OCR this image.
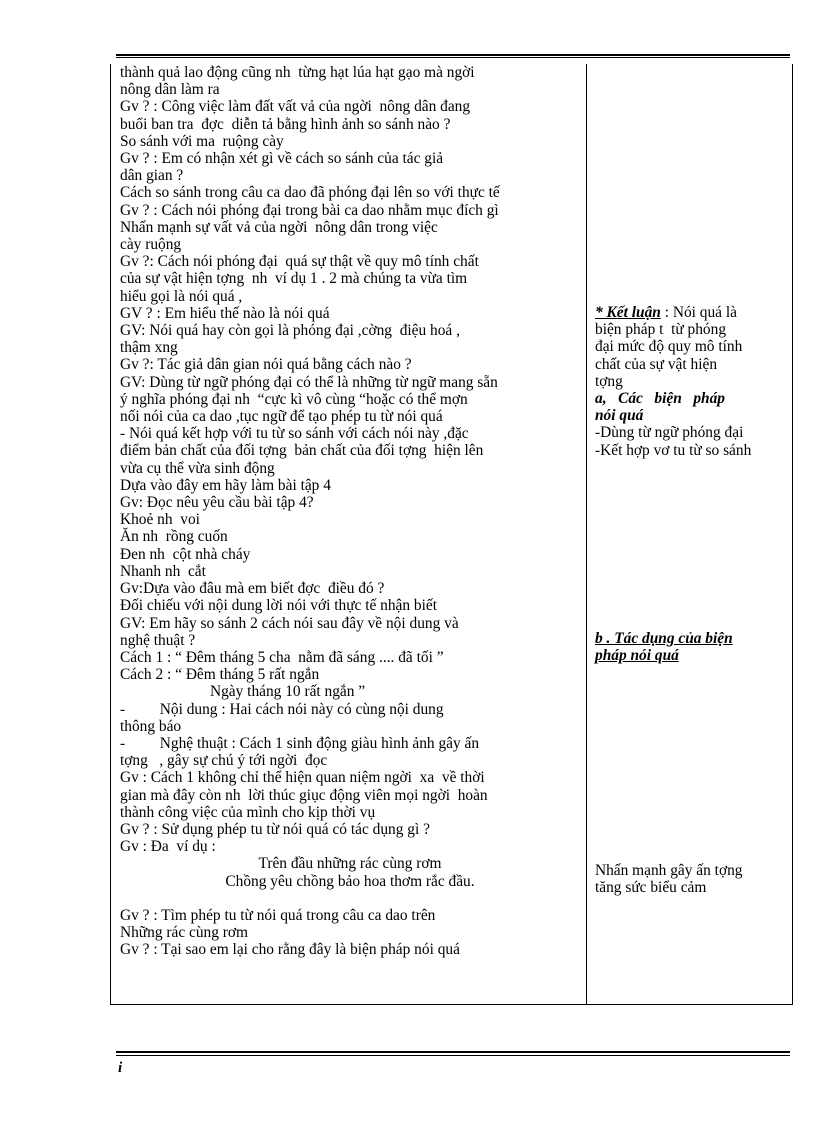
thành quả lao động cũng nh  từng hạt lúa hạt gạo mà ngời
nông dân làm ra
Gv ? : Công việc làm đất vất vả của ngời  nông dân đang
buổi ban tra  đợc  diễn tả bằng hình ảnh so sánh nào ?
So sánh với ma  ruộng cày
Gv ? : Em có nhận xét gì về cách so sánh của tác giả
dân gian ?
Cách so sánh trong câu ca dao đã phóng đại lên so với thực tế
Gv ? : Cách nói phóng đại trong bài ca dao nhằm mục đích gì
Nhấn mạnh sự vất vả của ngời  nông dân trong việc
cày ruộng
Gv ?: Cách nói phóng đại  quá sự thật về quy mô tính chất
của sự vật hiện tợng  nh  ví dụ 1 . 2 mà chúng ta vừa tìm
hiểu gọi là nói quá ,
GV ? : Em hiểu thế nào là nói quá
GV: Nói quá hay còn gọi là phóng đại ,cờng  điệu hoá ,
thậm xng
Gv ?: Tác giả dân gian nói quá bằng cách nào ?
GV: Dùng từ ngữ phóng đại có thể là những từ ngữ mang sẵn
ý nghĩa phóng đại nh  “cực kì vô cùng “hoặc có thể mợn
nối nói của ca dao ,tục ngữ để tạo phép tu từ nói quá
- Nói quá kết hợp với tu từ so sánh với cách nói này ,đặc
điểm bản chất của đối tợng  bản chất của đối tợng  hiện lên
vừa cụ thể vừa sinh động
Dựa vào đây em hãy làm bài tập 4
Gv: Đọc nêu yêu cầu bài tập 4?
Khoẻ nh  voi
Ăn nh  rồng cuốn
Đen nh  cột nhà cháy
Nhanh nh  cắt
Gv:Dựa vào đâu mà em biết đợc  điều đó ?
Đối chiếu với nội dung lời nói với thực tế nhận biết
GV: Em hãy so sánh 2 cách nói sau đây về nội dung và
nghệ thuật ?
Cách 1 : “ Đêm tháng 5 cha  nằm đã sáng .... đã tối ”
Cách 2 : “ Đêm tháng 5 rất ngắn
Ngày tháng 10 rất ngắn ”
-         Nội dung : Hai cách nói này có cùng nội dung
thông báo
-         Nghệ thuật : Cách 1 sinh động giàu hình ảnh gây ấn
tợng   , gây sự chú ý tới ngời  đọc
Gv : Cách 1 không chỉ thể hiện quan niệm ngời  xa  về thời
gian mà đây còn nh  lời thúc giục động viên mọi ngời  hoàn
thành công việc của mình cho kịp thời vụ
Gv ? : Sử dụng phép tu từ nói quá có tác dụng gì ?
Gv : Đa  ví dụ :
Trên đầu những rác cùng rơm
Chồng yêu chồng bảo hoa thơm rắc đầu.

Gv ? : Tìm phép tu từ nói quá trong câu ca dao trên
Những rác cùng rơm
Gv ? : Tại sao em lại cho rằng đây là biện pháp nói quá

* Kết luận : Nói quá là
biện pháp t  từ phóng
đại mức độ quy mô tính
chất của sự vật hiện
tợng
a,   Các   biện   pháp
nói quá
-Dùng từ ngữ phóng đại
-Kết hợp vơ tu từ so sánh
b . Tác dụng của biện
pháp nói quá
Nhấn mạnh gây ấn tợng
tăng sức biểu cảm
i
